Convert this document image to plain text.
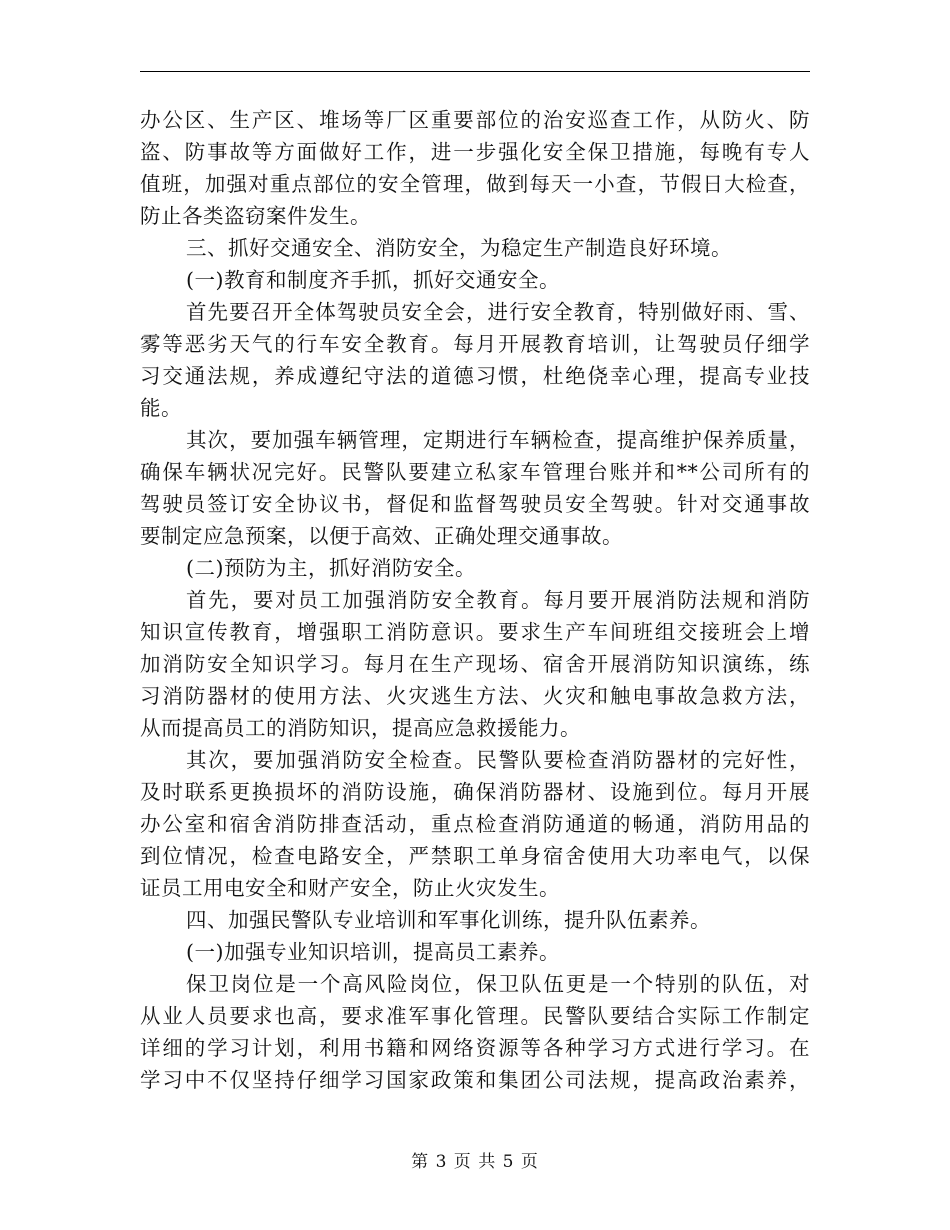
办公区、生产区、堆场等厂区重要部位的治安巡查工作，从防火、防
盗、防事故等方面做好工作，进一步强化安全保卫措施，每晚有专人
值班，加强对重点部位的安全管理，做到每天一小查，节假日大检查，
防止各类盗窃案件发生。
三、抓好交通安全、消防安全，为稳定生产制造良好环境。
(一)教育和制度齐手抓，抓好交通安全。
首先要召开全体驾驶员安全会，进行安全教育，特别做好雨、雪、
雾等恶劣天气的行车安全教育。每月开展教育培训，让驾驶员仔细学
习交通法规，养成遵纪守法的道德习惯，杜绝侥幸心理，提高专业技
能。
其次，要加强车辆管理，定期进行车辆检查，提高维护保养质量，
确保车辆状况完好。民警队要建立私家车管理台账并和**公司所有的
驾驶员签订安全协议书，督促和监督驾驶员安全驾驶。针对交通事故
要制定应急预案，以便于高效、正确处理交通事故。
(二)预防为主，抓好消防安全。
首先，要对员工加强消防安全教育。每月要开展消防法规和消防
知识宣传教育，增强职工消防意识。要求生产车间班组交接班会上增
加消防安全知识学习。每月在生产现场、宿舍开展消防知识演练，练
习消防器材的使用方法、火灾逃生方法、火灾和触电事故急救方法，
从而提高员工的消防知识，提高应急救援能力。
其次，要加强消防安全检查。民警队要检查消防器材的完好性，
及时联系更换损坏的消防设施，确保消防器材、设施到位。每月开展
办公室和宿舍消防排查活动，重点检查消防通道的畅通，消防用品的
到位情况，检查电路安全，严禁职工单身宿舍使用大功率电气，以保
证员工用电安全和财产安全，防止火灾发生。
四、加强民警队专业培训和军事化训练，提升队伍素养。
(一)加强专业知识培训，提高员工素养。
保卫岗位是一个高风险岗位，保卫队伍更是一个特别的队伍，对
从业人员要求也高，要求准军事化管理。民警队要结合实际工作制定
详细的学习计划，利用书籍和网络资源等各种学习方式进行学习。在
学习中不仅坚持仔细学习国家政策和集团公司法规，提高政治素养，
第 3 页 共 5 页
